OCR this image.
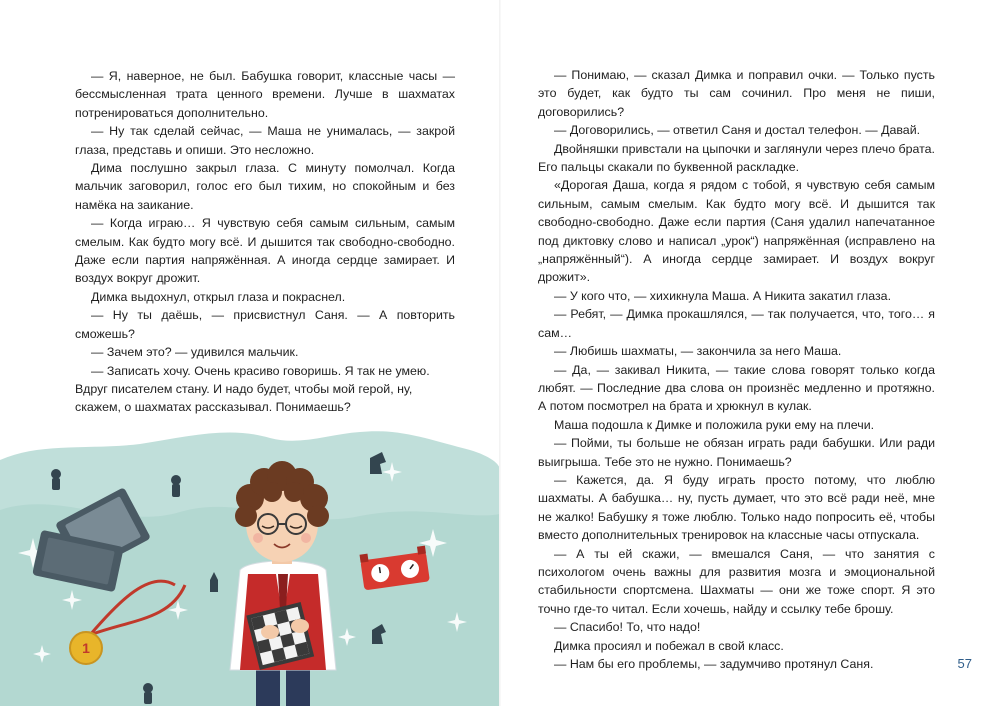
— Я, наверное, не был. Бабушка говорит, классные часы — бессмысленная трата ценного времени. Лучше в шахматах потренироваться дополнительно.

— Ну так сделай сейчас, — Маша не унималась, — закрой глаза, представь и опиши. Это несложно.

Дима послушно закрыл глаза. С минуту помолчал. Когда мальчик заговорил, голос его был тихим, но спокойным и без намёка на заикание.

— Когда играю… Я чувствую себя самым сильным, самым смелым. Как будто могу всё. И дышится так свободно-свободно. Даже если партия напряжённая. А иногда сердце замирает. И воздух вокруг дрожит.

Димка выдохнул, открыл глаза и покраснел.

— Ну ты даёшь, — присвистнул Саня. — А повторить сможешь?

— Зачем это? — удивился мальчик.

— Записать хочу. Очень красиво говоришь. Я так не умею. Вдруг писателем стану. И надо будет, чтобы мой герой, ну, скажем, о шахматах рассказывал. Понимаешь?

1

— Понимаю, — сказал Димка и поправил очки. — Только пусть это будет, как будто ты сам сочинил. Про меня не пиши, договорились?

— Договорились, — ответил Саня и достал телефон. — Давай.

Двойняшки привстали на цыпочки и заглянули через плечо брата. Его пальцы скакали по буквенной раскладке.

«Дорогая Даша, когда я рядом с тобой, я чувствую себя самым сильным, самым смелым. Как будто могу всё. И дышится так свободно-свободно. Даже если партия (Саня удалил напечатанное под диктовку слово и написал „урок“) напряжённая (исправлено на „напряжённый“). А иногда сердце замирает. И воздух вокруг дрожит».

— У кого что, — хихикнула Маша. А Никита закатил глаза.

— Ребят, — Димка прокашлялся, — так получается, что, того… я сам…

— Любишь шахматы, — закончила за него Маша.

— Да, — закивал Никита, — такие слова говорят только когда любят. — Последние два слова он произнёс медленно и протяжно. А потом посмотрел на брата и хрюкнул в кулак.

Маша подошла к Димке и положила руки ему на плечи.

— Пойми, ты больше не обязан играть ради бабушки. Или ради выигрыша. Тебе это не нужно. Понимаешь?

— Кажется, да. Я буду играть просто потому, что люблю шахматы. А бабушка… ну, пусть думает, что это всё ради неё, мне не жалко! Бабушку я тоже люблю. Только надо попросить её, чтобы вместо дополнительных тренировок на классные часы отпускала.

— А ты ей скажи, — вмешался Саня, — что занятия с психологом очень важны для развития мозга и эмоциональной стабильности спортсмена. Шахматы — они же тоже спорт. Я это точно где-то читал. Если хочешь, найду и ссылку тебе брошу.

— Спасибо! То, что надо!

Димка просиял и побежал в свой класс.

— Нам бы его проблемы, — задумчиво протянул Саня.	57
